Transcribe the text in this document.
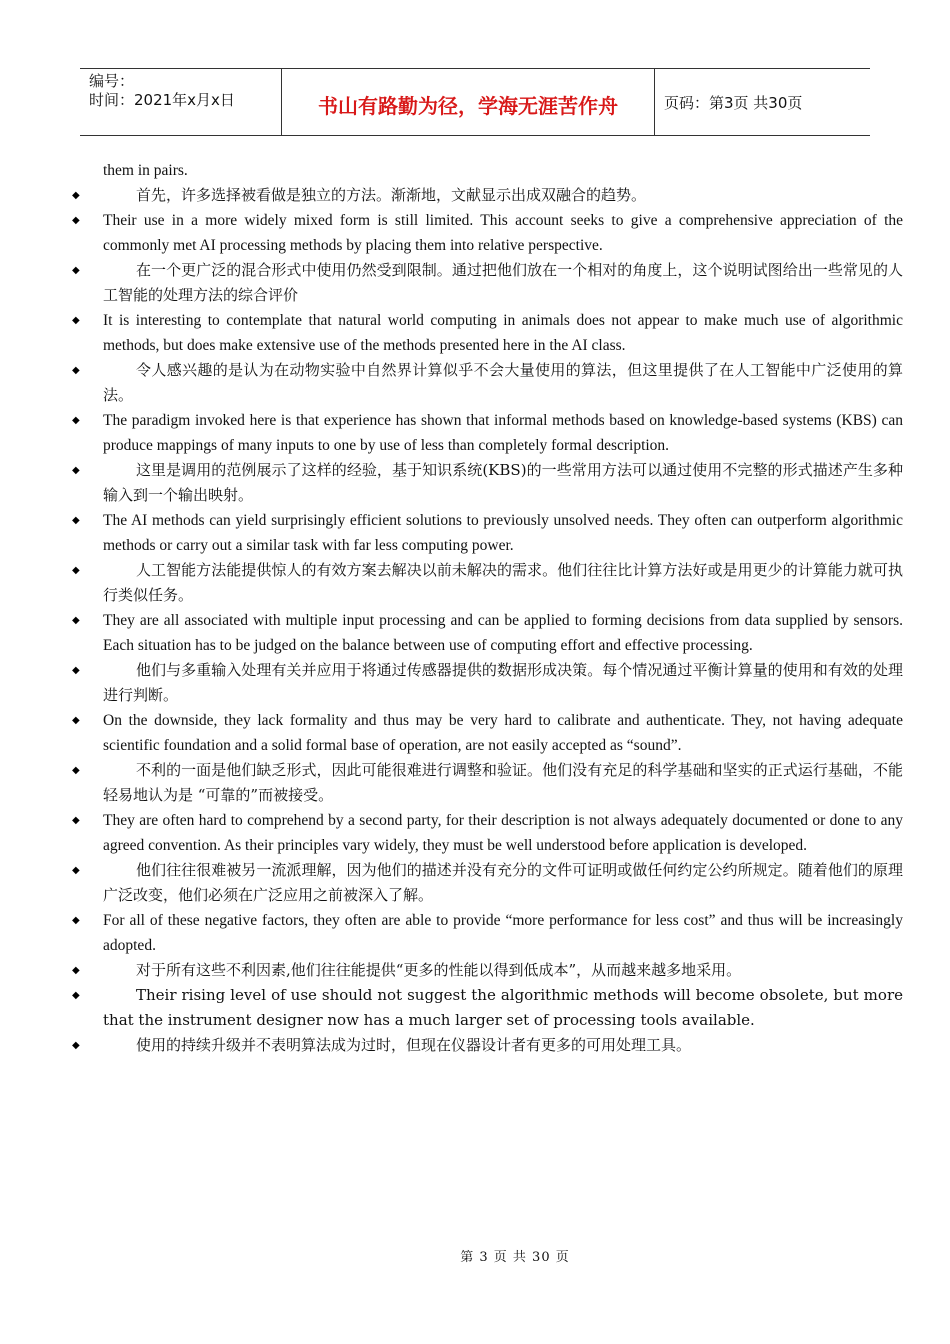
编号：
时间：2021年x月x日	书山有路勤为径，学海无涯苦作舟	页码：第3页 共30页
them in pairs.
◆	首先，许多选择被看做是独立的方法。渐渐地，文献显示出成双融合的趋势。
◆ Their use in a more widely mixed form is still limited. This account seeks to give a comprehensive appreciation of the commonly met AI processing methods by placing them into relative perspective.
◆	在一个更广泛的混合形式中使用仍然受到限制。通过把他们放在一个相对的角度上，这个说明试图给出一些常见的人工智能的处理方法的综合评价
◆ It is interesting to contemplate that natural world computing in animals does not appear to make much use of algorithmic methods, but does make extensive use of the methods presented here in the AI class.
◆	令人感兴趣的是认为在动物实验中自然界计算似乎不会大量使用的算法，但这里提供了在人工智能中广泛使用的算法。
◆ The paradigm invoked here is that experience has shown that informal methods based on knowledge-based systems (KBS) can produce mappings of many inputs to one by use of less than completely formal description.
◆	这里是调用的范例展示了这样的经验，基于知识系统(KBS)的一些常用方法可以通过使用不完整的形式描述产生多种输入到一个输出映射。
◆ The AI methods can yield surprisingly efficient solutions to previously unsolved needs. They often can outperform algorithmic methods or carry out a similar task with far less computing power.
◆	人工智能方法能提供惊人的有效方案去解决以前未解决的需求。他们往往比计算方法好或是用更少的计算能力就可执行类似任务。
◆ They are all associated with multiple input processing and can be applied to forming decisions from data supplied by sensors. Each situation has to be judged on the balance between use of computing effort and effective processing.
◆	他们与多重输入处理有关并应用于将通过传感器提供的数据形成决策。每个情况通过平衡计算量的使用和有效的处理进行判断。
◆ On the downside, they lack formality and thus may be very hard to calibrate and authenticate. They, not having adequate scientific foundation and a solid formal base of operation, are not easily accepted as “sound”.
◆	不利的一面是他们缺乏形式，因此可能很难进行调整和验证。他们没有充足的科学基础和坚实的正式运行基础，不能轻易地认为是 “可靠的”而被接受。
◆ They are often hard to comprehend by a second party, for their description is not always adequately documented or done to any agreed convention. As their principles vary widely, they must be well understood before application is developed.
◆	他们往往很难被另一流派理解，因为他们的描述并没有充分的文件可证明或做任何约定公约所规定。随着他们的原理广泛改变，他们必须在广泛应用之前被深入了解。
◆ For all of these negative factors, they often are able to provide “more performance for less cost” and thus will be increasingly adopted.
◆	对于所有这些不利因素,他们往往能提供“更多的性能以得到低成本”，从而越来越多地采用。
◆	Their rising level of use should not suggest the algorithmic methods will become obsolete, but more that the instrument designer now has a much larger set of processing tools available.
◆	使用的持续升级并不表明算法成为过时，但现在仪器设计者有更多的可用处理工具。
第 3 页 共 30 页
